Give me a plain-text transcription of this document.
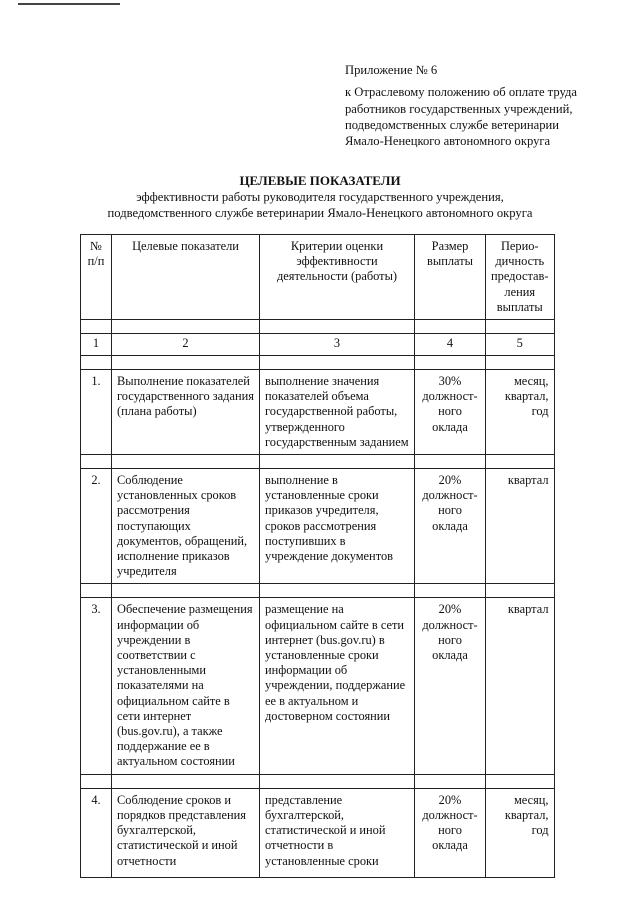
Приложение № 6
к Отраслевому положению об оплате труда
работников государственных учреждений,
подведомственных службе ветеринарии
Ямало-Ненецкого автономного округа
ЦЕЛЕВЫЕ ПОКАЗАТЕЛИ
эффективности работы руководителя государственного учреждения,
подведомственного службе ветеринарии Ямало-Ненецкого автономного округа
№ п/п	Целевые показатели	Критерии оценки эффективности деятельности (работы)	Размер выплаты	Перио-дичность предостав-ления выплаты

1	2	3	4	5

1.	Выполнение показателей государственного задания (плана работы)	выполнение значения показателей объема государственной работы, утвержденного государственным заданием	30% должност-ного оклада	месяц, квартал, год

2.	Соблюдение установленных сроков рассмотрения поступающих документов, обращений, исполнение приказов учредителя	выполнение в установленные сроки приказов учредителя, сроков рассмотрения поступивших в учреждение документов	20% должност-ного оклада	квартал

3.	Обеспечение размещения информации об учреждении в соответствии с установленными показателями на официальном сайте в сети интернет (bus.gov.ru), а также поддержание ее в актуальном состоянии	размещение на официальном сайте в сети интернет (bus.gov.ru) в установленные сроки информации об учреждении, поддержание ее в актуальном и достоверном состоянии	20% должност-ного оклада	квартал

4.	Соблюдение сроков и порядков представления бухгалтерской, статистической и иной отчетности	представление бухгалтерской, статистической и иной отчетности в установленные сроки	20% должност-ного оклада	месяц, квартал, год
